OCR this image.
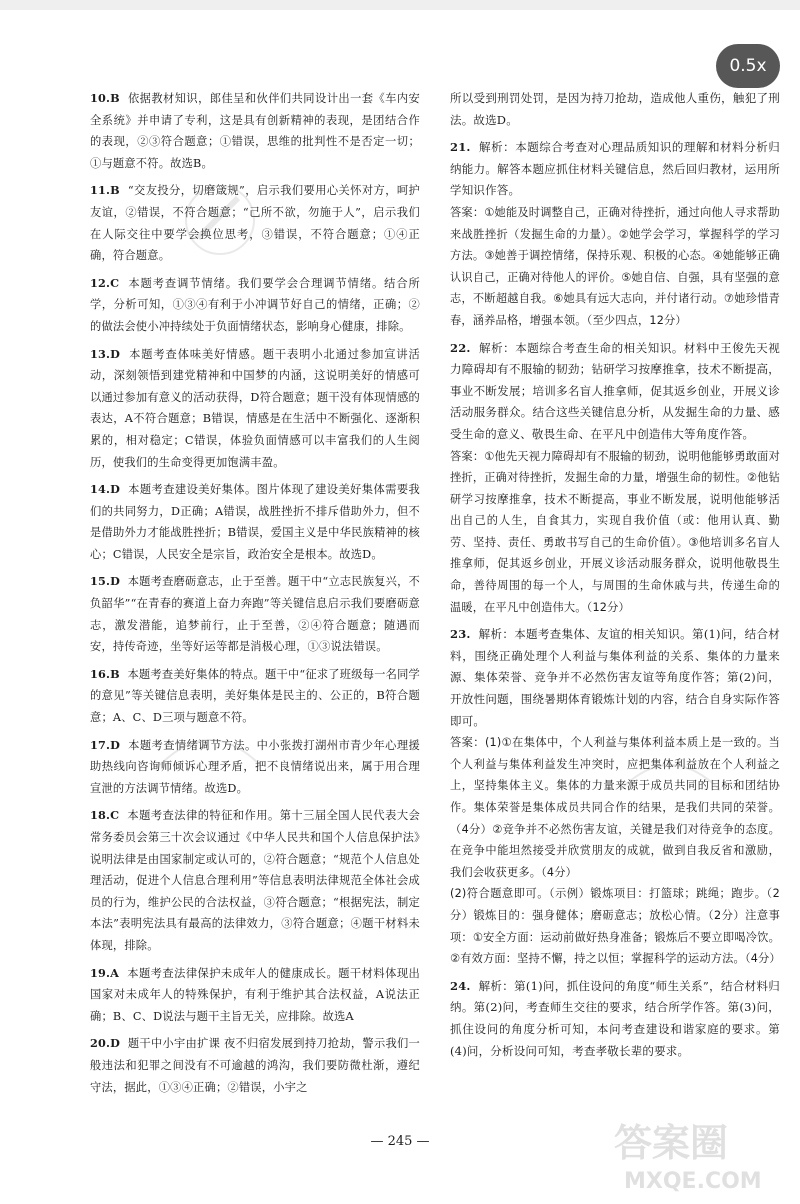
0.5x

10.B 依据教材知识，郎佳呈和伙伴们共同设计出一套《车内安全系统》并申请了专利，这是具有创新精神的表现，是团结合作的表现，②③符合题意；①错误，思维的批判性不是否定一切；①与题意不符。故选B。

11.B “交友投分，切磨箴规”，启示我们要用心关怀对方，呵护友谊，②错误，不符合题意；“己所不欲，勿施于人”，启示我们在人际交往中要学会换位思考，③错误，不符合题意；①④正确，符合题意。

12.C 本题考查调节情绪。我们要学会合理调节情绪。结合所学，分析可知，①③④有利于小冲调节好自己的情绪，正确；②的做法会使小冲持续处于负面情绪状态，影响身心健康，排除。

13.D 本题考查体味美好情感。题干表明小北通过参加宣讲活动，深刻领悟到建党精神和中国梦的内涵，这说明美好的情感可以通过参加有意义的活动获得，D符合题意；题干没有体现情感的表达，A不符合题意；B错误，情感是在生活中不断强化、逐渐积累的，相对稳定；C错误，体验负面情感可以丰富我们的人生阅历，使我们的生命变得更加饱满丰盈。

14.D 本题考查建设美好集体。图片体现了建设美好集体需要我们的共同努力，D正确；A错误，战胜挫折不排斥借助外力，但不是借助外力才能战胜挫折；B错误，爱国主义是中华民族精神的核心；C错误，人民安全是宗旨，政治安全是根本。故选D。

15.D 本题考查磨砺意志，止于至善。题干中“立志民族复兴，不负韶华”“在青春的赛道上奋力奔跑”等关键信息启示我们要磨砺意志，激发潜能，追梦前行，止于至善，②④符合题意；随遇而安，持传奇迹，坐等好运等都是消极心理，①③说法错误。

16.B 本题考查美好集体的特点。题干中“征求了班级每一名同学的意见”等关键信息表明，美好集体是民主的、公正的，B符合题意；A、C、D三项与题意不符。

17.D 本题考查情绪调节方法。中小张拨打湖州市青少年心理援助热线向咨询师倾诉心理矛盾，把不良情绪说出来，属于用合理宣泄的方法调节情绪。故选D。

18.C 本题考查法律的特征和作用。第十三届全国人民代表大会常务委员会第三十次会议通过《中华人民共和国个人信息保护法》说明法律是由国家制定或认可的，②符合题意；“规范个人信息处理活动，促进个人信息合理利用”等信息表明法律规范全体社会成员的行为，维护公民的合法权益，③符合题意；“根据宪法，制定本法”表明宪法具有最高的法律效力，③符合题意；④题干材料未体现，排除。

19.A 本题考查法律保护未成年人的健康成长。题干材料体现出国家对未成年人的特殊保护，有利于维护其合法权益，A说法正确；B、C、D说法与题干主旨无关，应排除。故选A

20.D 题干中小宇由扩课 夜不归宿发展到持刀抢劫，警示我们一般违法和犯罪之间没有不可逾越的鸿沟，我们要防微杜渐，遵纪守法，据此，①③④正确；②错误，小宇之

所以受到刑罚处罚，是因为持刀抢劫，造成他人重伤，触犯了刑法。故选D。

21. 解析：本题综合考查对心理品质知识的理解和材料分析归纳能力。解答本题应抓住材料关键信息，然后回归教材，运用所学知识作答。

答案：①她能及时调整自己，正确对待挫折，通过向他人寻求帮助来战胜挫折（发掘生命的力量）。②她学会学习，掌握科学的学习方法。③她善于调控情绪，保持乐观、积极的心态。④她能够正确认识自己，正确对待他人的评价。⑤她自信、自强，具有坚强的意志，不断超越自我。⑥她具有远大志向，并付诸行动。⑦她珍惜青春，涵养品格，增强本领。（至少四点，12分）

22. 解析：本题综合考查生命的相关知识。材料中王俊先天视力障碍却有不服输的韧劲；钻研学习按摩推拿，技术不断提高，事业不断发展；培训多名盲人推拿师，促其返乡创业，开展义诊活动服务群众。结合这些关键信息分析，从发掘生命的力量、感受生命的意义、敬畏生命、在平凡中创造伟大等角度作答。

答案：①他先天视力障碍却有不服输的韧劲，说明他能够勇敢面对挫折，正确对待挫折，发掘生命的力量，增强生命的韧性。②他钻研学习按摩推拿，技术不断提高，事业不断发展，说明他能够活出自己的人生，自食其力，实现自我价值（或：他用认真、勤劳、坚持、责任、勇敢书写自己的生命价值）。③他培训多名盲人推拿师，促其返乡创业，开展义诊活动服务群众，说明他敬畏生命，善待周围的每一个人，与周围的生命休戚与共，传递生命的温暖，在平凡中创造伟大。（12分）

23. 解析：本题考查集体、友谊的相关知识。第(1)问，结合材料，围绕正确处理个人利益与集体利益的关系、集体的力量来源、集体荣誉、竞争并不必然伤害友谊等角度作答；第(2)问，开放性问题，围绕暑期体育锻炼计划的内容，结合自身实际作答即可。

答案：(1)①在集体中，个人利益与集体利益本质上是一致的。当个人利益与集体利益发生冲突时，应把集体利益放在个人利益之上，坚持集体主义。集体的力量来源于成员共同的目标和团结协作。集体荣誉是集体成员共同合作的结果，是我们共同的荣誉。（4分）②竞争并不必然伤害友谊，关键是我们对待竞争的态度。在竞争中能坦然接受并欣赏朋友的成就，做到自我反省和激励，我们会收获更多。（4分）

(2)符合题意即可。（示例）锻炼项目：打篮球；跳绳；跑步。（2分）锻炼目的：强身健体；磨砺意志；放松心情。（2分）注意事项：①安全方面：运动前做好热身准备；锻炼后不要立即喝冷饮。②有效方面：坚持不懈，持之以恒；掌握科学的运动方法。（4分）

24. 解析：第(1)问，抓住设问的角度“师生关系”，结合材料归纳。第(2)问，考查师生交往的要求，结合所学作答。第(3)问，抓住设问的角度分析可知，本问考查建设和谐家庭的要求。第(4)问，分析设问可知，考查孝敬长辈的要求。

— 245 —	答案圈
MXQE.COM
